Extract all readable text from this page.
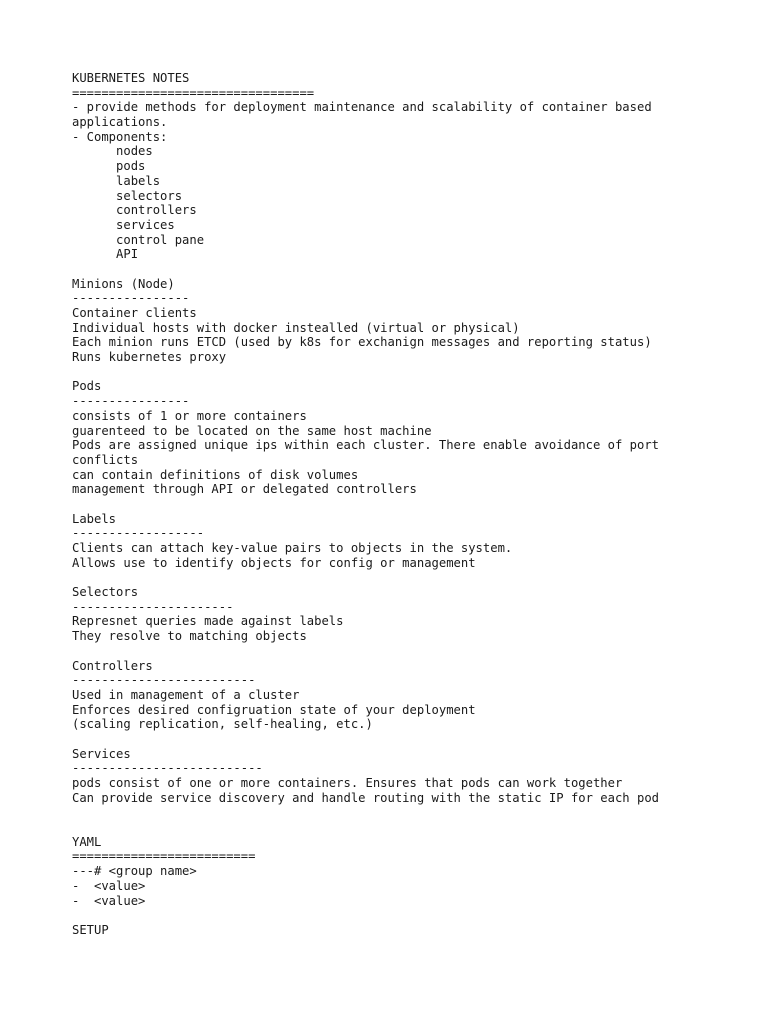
KUBERNETES NOTES
=================================
- provide methods for deployment maintenance and scalability of container based
applications.
- Components:
nodes
pods
labels
selectors
controllers
services
control pane
API
Minions (Node)
----------------
Container clients
Individual hosts with docker instealled (virtual or physical)
Each minion runs ETCD (used by k8s for exchanign messages and reporting status)
Runs kubernetes proxy
Pods
----------------
consists of 1 or more containers
guarenteed to be located on the same host machine
Pods are assigned unique ips within each cluster. There enable avoidance of port
conflicts
can contain definitions of disk volumes
management through API or delegated controllers
Labels
------------------
Clients can attach key-value pairs to objects in the system.
Allows use to identify objects for config or management
Selectors
----------------------
Represnet queries made against labels
They resolve to matching objects
Controllers
-------------------------
Used in management of a cluster
Enforces desired configruation state of your deployment
(scaling replication, self-healing, etc.)
Services
--------------------------
pods consist of one or more containers. Ensures that pods can work together
Can provide service discovery and handle routing with the static IP for each pod
YAML
=========================
---# <group name>
-  <value>
-  <value>
SETUP
